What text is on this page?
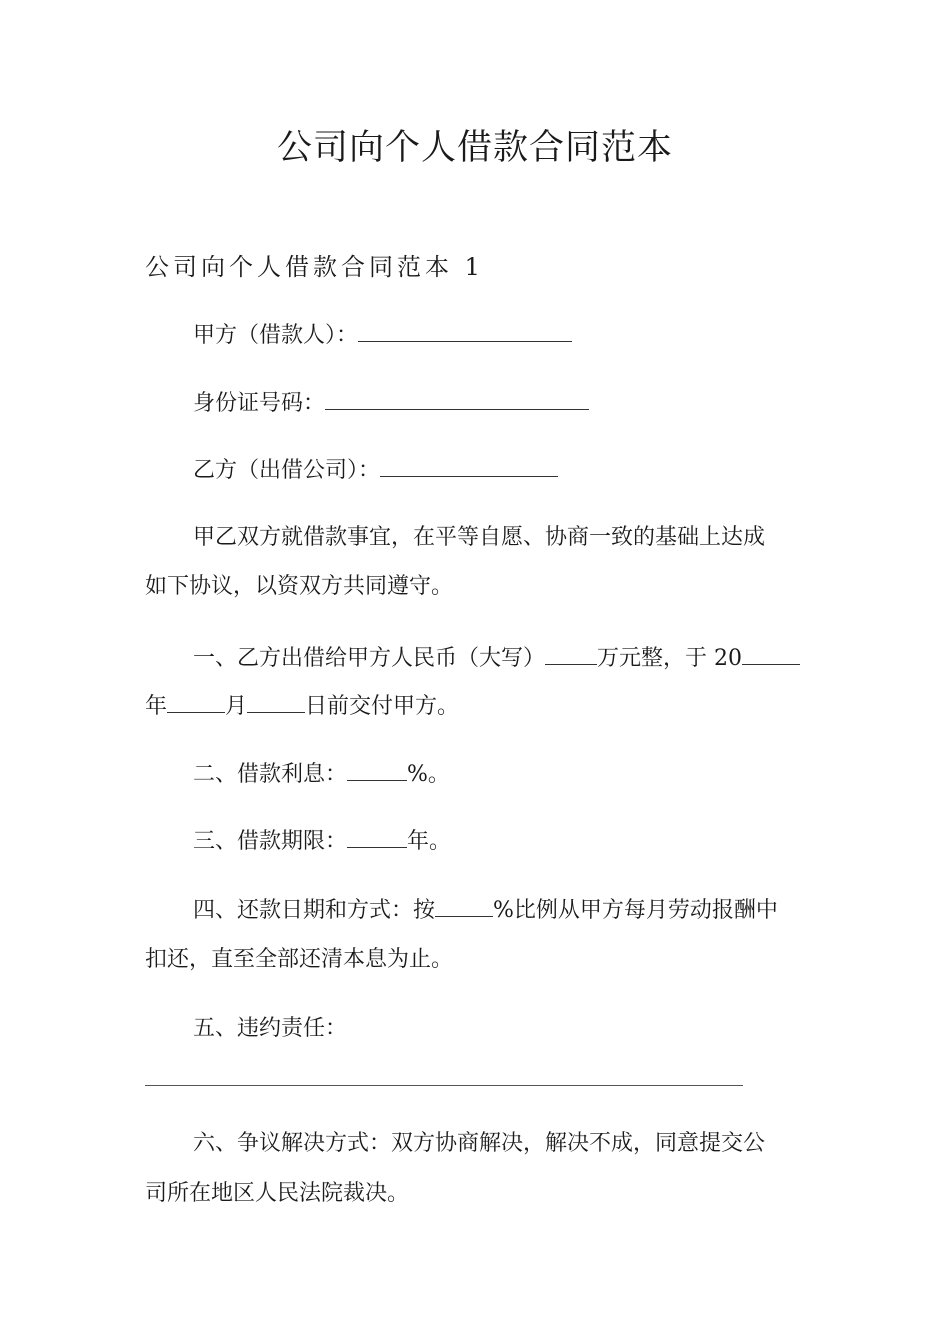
公司向个人借款合同范本
公司向个人借款合同范本 1
甲方（借款人）：
身份证号码：
乙方（出借公司）：
甲乙双方就借款事宜，在平等自愿、协商一致的基础上达成
如下协议，以资双方共同遵守。
一、乙方出借给甲方人民币（大写） 万元整，于 20
年	月	日前交付甲方。
二、借款利息：	%。
三、借款期限：	年。
四、还款日期和方式：按	%比例从甲方每月劳动报酬中
扣还，直至全部还清本息为止。
五、违约责任：
六、争议解决方式：双方协商解决，解决不成，同意提交公
司所在地区人民法院裁决。
